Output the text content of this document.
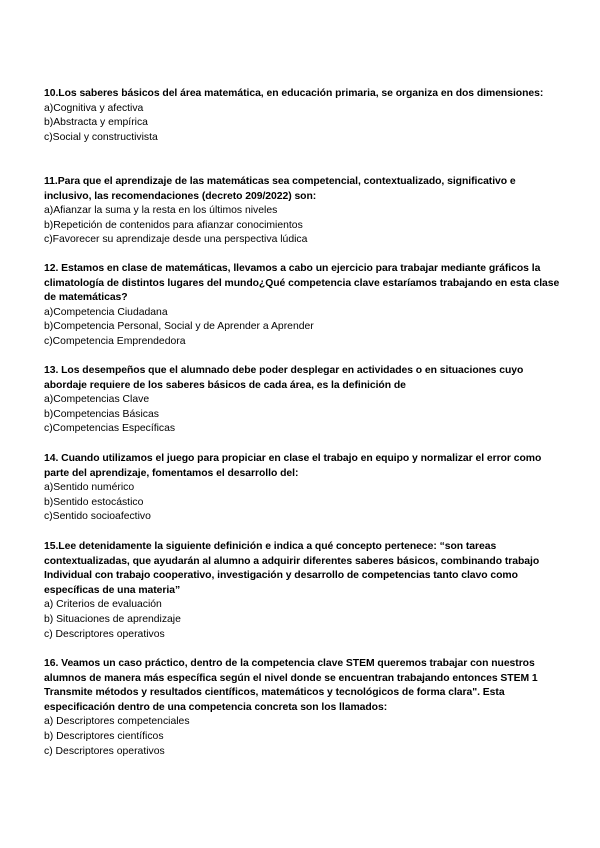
10.Los saberes básicos del área matemática, en educación primaria, se organiza en dos dimensiones:

a)Cognitiva y afectiva

b)Abstracta y empírica

c)Social y constructivista

11.Para que el aprendizaje de las matemáticas sea competencial, contextualizado, significativo e inclusivo, las recomendaciones (decreto 209/2022) son:

a)Afianzar la suma y la resta en los últimos niveles

b)Repetición de contenidos para afianzar conocimientos

c)Favorecer su aprendizaje desde una perspectiva lúdica

12. Estamos en clase de matemáticas, llevamos a cabo un ejercicio para trabajar mediante gráficos la climatología de distintos lugares del mundo¿Qué competencia clave estaríamos trabajando en esta clase de matemáticas?

a)Competencia Ciudadana

b)Competencia Personal, Social y de Aprender a Aprender

c)Competencia Emprendedora

13. Los desempeños que el alumnado debe poder desplegar en actividades o en situaciones cuyo abordaje requiere de los saberes básicos de cada área, es la definición de

a)Competencias Clave

b)Competencias Básicas

c)Competencias Específicas

14. Cuando utilizamos el juego para propiciar en clase el trabajo en equipo y normalizar el error como parte del aprendizaje, fomentamos el desarrollo del:

a)Sentido numérico

b)Sentido estocástico

c)Sentido socioafectivo

15.Lee detenidamente la siguiente definición e indica a qué concepto pertenece: “son tareas contextualizadas, que ayudarán al alumno a adquirir diferentes saberes básicos, combinando trabajo Individual con trabajo cooperativo, investigación y desarrollo de competencias tanto clavo como específicas de una materia”

a) Criterios de evaluación

b) Situaciones de aprendizaje

c) Descriptores operativos

16. Veamos un caso práctico, dentro de la competencia clave STEM queremos trabajar con nuestros alumnos de manera más específica según el nivel donde se encuentran trabajando entonces STEM 1 Transmite métodos y resultados científicos, matemáticos y tecnológicos de forma clara". Esta especificación dentro de una competencia concreta son los llamados:

a) Descriptores competenciales

b) Descriptores científicos

c) Descriptores operativos
